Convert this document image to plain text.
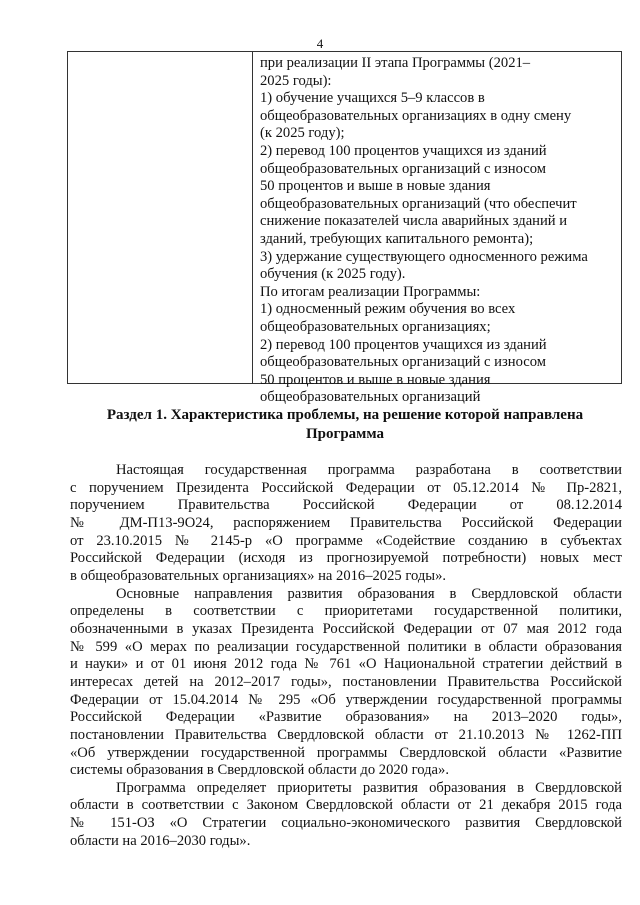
4
при реализации II этапа Программы (2021–
2025 годы):
1) обучение учащихся 5–9 классов в
общеобразовательных организациях в одну смену
(к 2025 году);
2) перевод 100 процентов учащихся из зданий
общеобразовательных организаций с износом
50 процентов и выше в новые здания
общеобразовательных организаций (что обеспечит
снижение показателей числа аварийных зданий и
зданий, требующих капитального ремонта);
3) удержание существующего односменного режима
обучения (к 2025 году).
По итогам реализации Программы:
1) односменный режим обучения во всех
общеобразовательных организациях;
2) перевод 100 процентов учащихся из зданий
общеобразовательных организаций с износом
50 процентов и выше в новые здания
общеобразовательных организаций
Раздел 1. Характеристика проблемы, на решение которой направлена
Программа

Настоящая государственная программа разработана в соответствии
с поручением Президента Российской Федерации от 05.12.2014 № Пр-2821,
поручением Правительства Российской Федерации от 08.12.2014
№ ДМ-П13-9О24, распоряжением Правительства Российской Федерации
от 23.10.2015 № 2145-р «О программе «Содействие созданию в субъектах
Российской Федерации (исходя из прогнозируемой потребности) новых мест
в общеобразовательных организациях» на 2016–2025 годы».

Основные направления развития образования в Свердловской области
определены в соответствии с приоритетами государственной политики,
обозначенными в указах Президента Российской Федерации от 07 мая 2012 года
№ 599 «О мерах по реализации государственной политики в области образования
и науки» и от 01 июня 2012 года № 761 «О Национальной стратегии действий в
интересах детей на 2012–2017 годы», постановлении Правительства Российской
Федерации от 15.04.2014 № 295 «Об утверждении государственной программы
Российской Федерации «Развитие образования» на 2013–2020 годы»,
постановлении Правительства Свердловской области от 21.10.2013 № 1262-ПП
«Об утверждении государственной программы Свердловской области «Развитие
системы образования в Свердловской области до 2020 года».

Программа определяет приоритеты развития образования в Свердловской
области в соответствии с Законом Свердловской области от 21 декабря 2015 года
№ 151-ОЗ «О Стратегии социально-экономического развития Свердловской
области на 2016–2030 годы».
